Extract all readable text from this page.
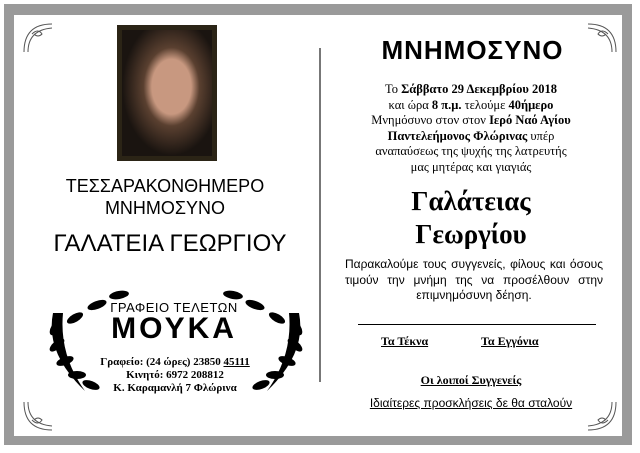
ΤΕΣΣΑΡΑΚΟΝΘΗΜΕΡΟ
ΜΝΗΜΟΣΥΝΟ
ΓΑΛΑΤΕΙΑ ΓΕΩΡΓΙΟΥ
ΓΡΑΦΕΙΟ ΤΕΛΕΤΩΝ
ΜΟΥΚΑ
Γραφείο: (24 ώρες) 23850 45111
Κινητό: 6972 208812
Κ. Καραμανλή 7 Φλώρινα
ΜΝΗΜΟΣΥΝΟ
Το Σάββατο 29 Δεκεμβρίου 2018
και ώρα 8 π.μ. τελούμε 40ήμερο
Μνημόσυνο στον στον Ιερό Ναό Αγίου
Παντελεήμονος Φλώρινας υπέρ
αναπαύσεως της ψυχής της λατρευτής
μας μητέρας και γιαγιάς
Γαλάτειας
Γεωργίου
Παρακαλούμε τους συγγενείς, φίλους και όσους τιμούν την μνήμη της να προσέλθουν στην επιμνημόσυνη δέηση.
Τα Τέκνα	Τα Εγγόνια
Οι λοιποί Συγγενείς
Ιδιαίτερες προσκλήσεις δε θα σταλούν
